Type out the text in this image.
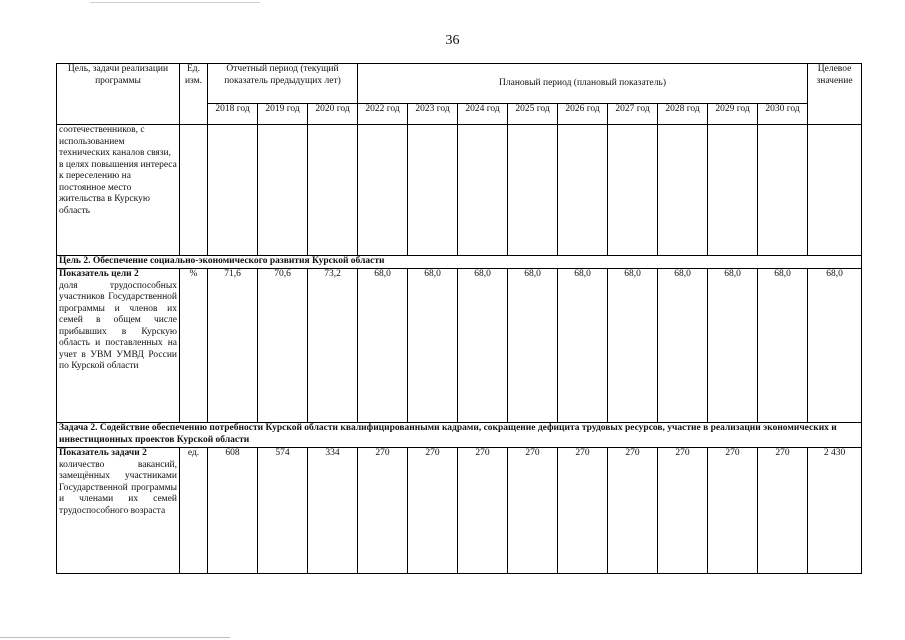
36
Цель, задачи реализации программы	Ед. изм.	Отчетный период (текущий показатель предыдущих лет)			Плановый период (плановый показатель)									Целевое значение
		2018 год	2019 год	2020 год	2022 год	2023 год	2024 год	2025 год	2026 год	2027 год	2028 год	2029 год	2030 год	
соотечественников, с использованием технических каналов связи, в целях повышения интереса к переселению на постоянное место жительства в Курскую область														
Цель 2. Обеспечение социально-экономического развития Курской области														

Показатель цели 2
доля трудоспособных участников Государственной программы и членов их семей в общем числе прибывших в Курскую область и поставленных на учет в УВМ УМВД России по Курской области	%	71,6	70,6	73,2	68,0	68,0	68,0	68,0	68,0	68,0	68,0	68,0	68,0	68,0
Задача 2. Содействие обеспечению потребности Курской области квалифицированными кадрами, сокращение дефицита трудовых ресурсов, участие в реализации экономических и инвестиционных проектов Курской области														

Показатель задачи 2
количество вакансий, замещённых участниками Государственной программы и членами их семей трудоспособного возраста	ед.	608	574	334	270	270	270	270	270	270	270	270	270	2 430
